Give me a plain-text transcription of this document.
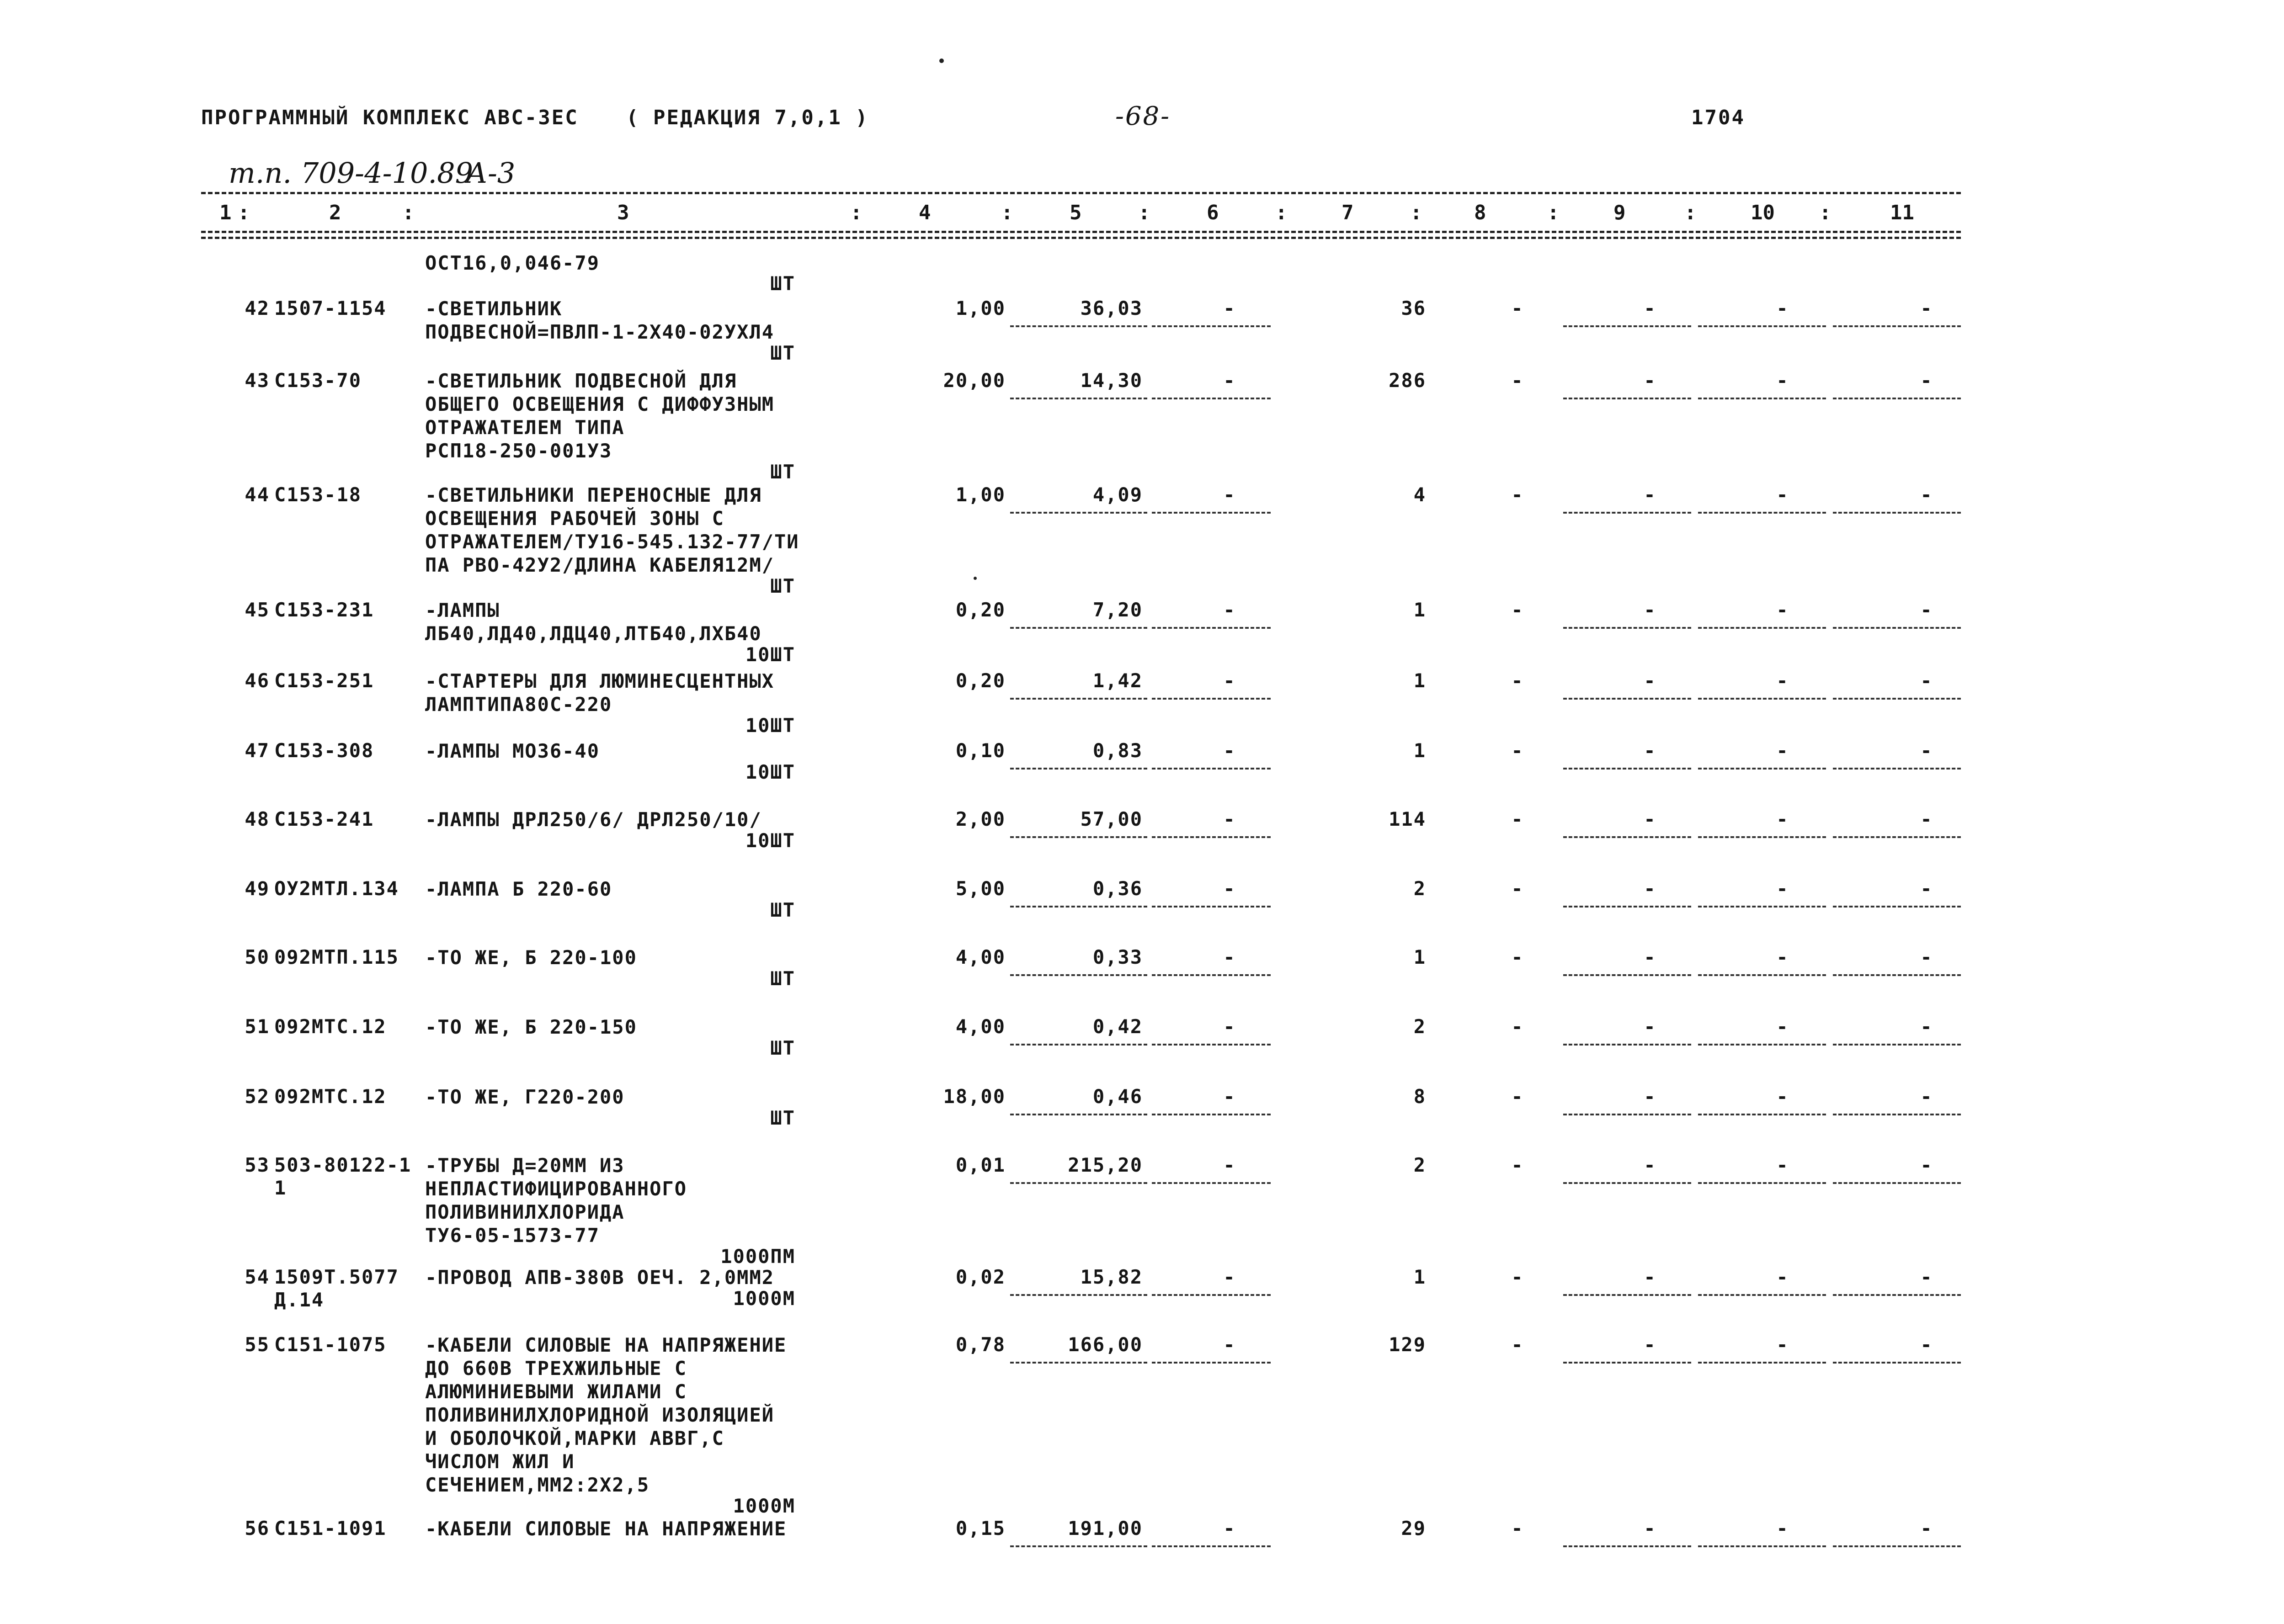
ПРОГРАММНЫЙ КОМПЛЕКС АВС-3ЕС ( РЕДАКЦИЯ 7,0,1 )	-68-	1704
т.п. 709-4-10.89
А-3
1	2	3	4	5	6	7	8	9	10	11
:	:	:	:	:	:	:	:	:	:
ОСТ16,0,046-79
ШТ
42 1507-1154 -СВЕТИЛЬНИК
ПОДВЕСНОЙ=ПВЛП-1-2Х40-02УХЛ4
1,00	36,03	-	36	-	-	-	-
ШТ
43 С153-70	-СВЕТИЛЬНИК ПОДВЕСНОЙ ДЛЯ
ОБЩЕГО ОСВЕЩЕНИЯ С ДИФФУЗНЫМ
ОТРАЖАТЕЛЕМ ТИПА
РСП18-250-001У3
20,00	14,30	-	286	-	-	-	-
ШТ
44 С153-18	-СВЕТИЛЬНИКИ ПЕРЕНОСНЫЕ ДЛЯ
ОСВЕЩЕНИЯ РАБОЧЕЙ ЗОНЫ С
ОТРАЖАТЕЛЕМ/ТУ16-545.132-77/ТИ
ПА РВО-42У2/ДЛИНА КАБЕЛЯ12М/
1,00	4,09	-	4	-	-	-	-
ШТ
45 С153-231	-ЛАМПЫ
ЛБ40,ЛД40,ЛДЦ40,ЛТБ40,ЛХБ40
0,20	7,20	-	1	-	-	-	-
10ШТ
46 С153-251	-СТАРТЕРЫ ДЛЯ ЛЮМИНЕСЦЕНТНЫХ
ЛАМПТИПА80С-220
0,20	1,42	-	1	-	-	-	-
10ШТ
47 С153-308	-ЛАМПЫ МО36-40	0,10	0,83	-	1	-	-	-	-
10ШТ
48 С153-241	-ЛАМПЫ ДРЛ250/6/ ДРЛ250/10/	2,00	57,00	-	114	-	-	-	-
10ШТ
49 ОУ2МТЛ.134 -ЛАМПА Б 220-60	5,00	0,36	-	2	-	-	-	-
ШТ
50 092МТП.115 -ТО ЖЕ, Б 220-100	4,00	0,33	-	1	-	-	-	-
ШТ
51 092МТС.12 -ТО ЖЕ, Б 220-150	4,00	0,42	-	2	-	-	-	-
ШТ
52 092МТС.12 -ТО ЖЕ, Г220-200	18,00	0,46	-	8	-	-	-	-
ШТ
53 503-80122-1
1
-ТРУБЫ Д=20ММ ИЗ
НЕПЛАСТИФИЦИРОВАННОГО
ПОЛИВИНИЛХЛОРИДА
ТУ6-05-1573-77
0,01	215,20	-	2	-	-	-	-
1000ПМ
54 1509Т.5077
Д.14
-ПРОВОД АПВ-380В ОЕЧ. 2,0ММ2	0,02	15,82	-	1	-	-	-	-
1000М
55 С151-1075 -КАБЕЛИ СИЛОВЫЕ НА НАПРЯЖЕНИЕ
ДО 660В ТРЕХЖИЛЬНЫЕ С
АЛЮМИНИЕВЫМИ ЖИЛАМИ С
ПОЛИВИНИЛХЛОРИДНОЙ ИЗОЛЯЦИЕЙ
И ОБОЛОЧКОЙ,МАРКИ АВВГ,С
ЧИСЛОМ ЖИЛ И
СЕЧЕНИЕМ,ММ2:2Х2,5
0,78	166,00	-	129	-	-	-	-
1000М
56 С151-1091 -КАБЕЛИ СИЛОВЫЕ НА НАПРЯЖЕНИЕ	0,15	191,00	-	29	-	-	-	-
